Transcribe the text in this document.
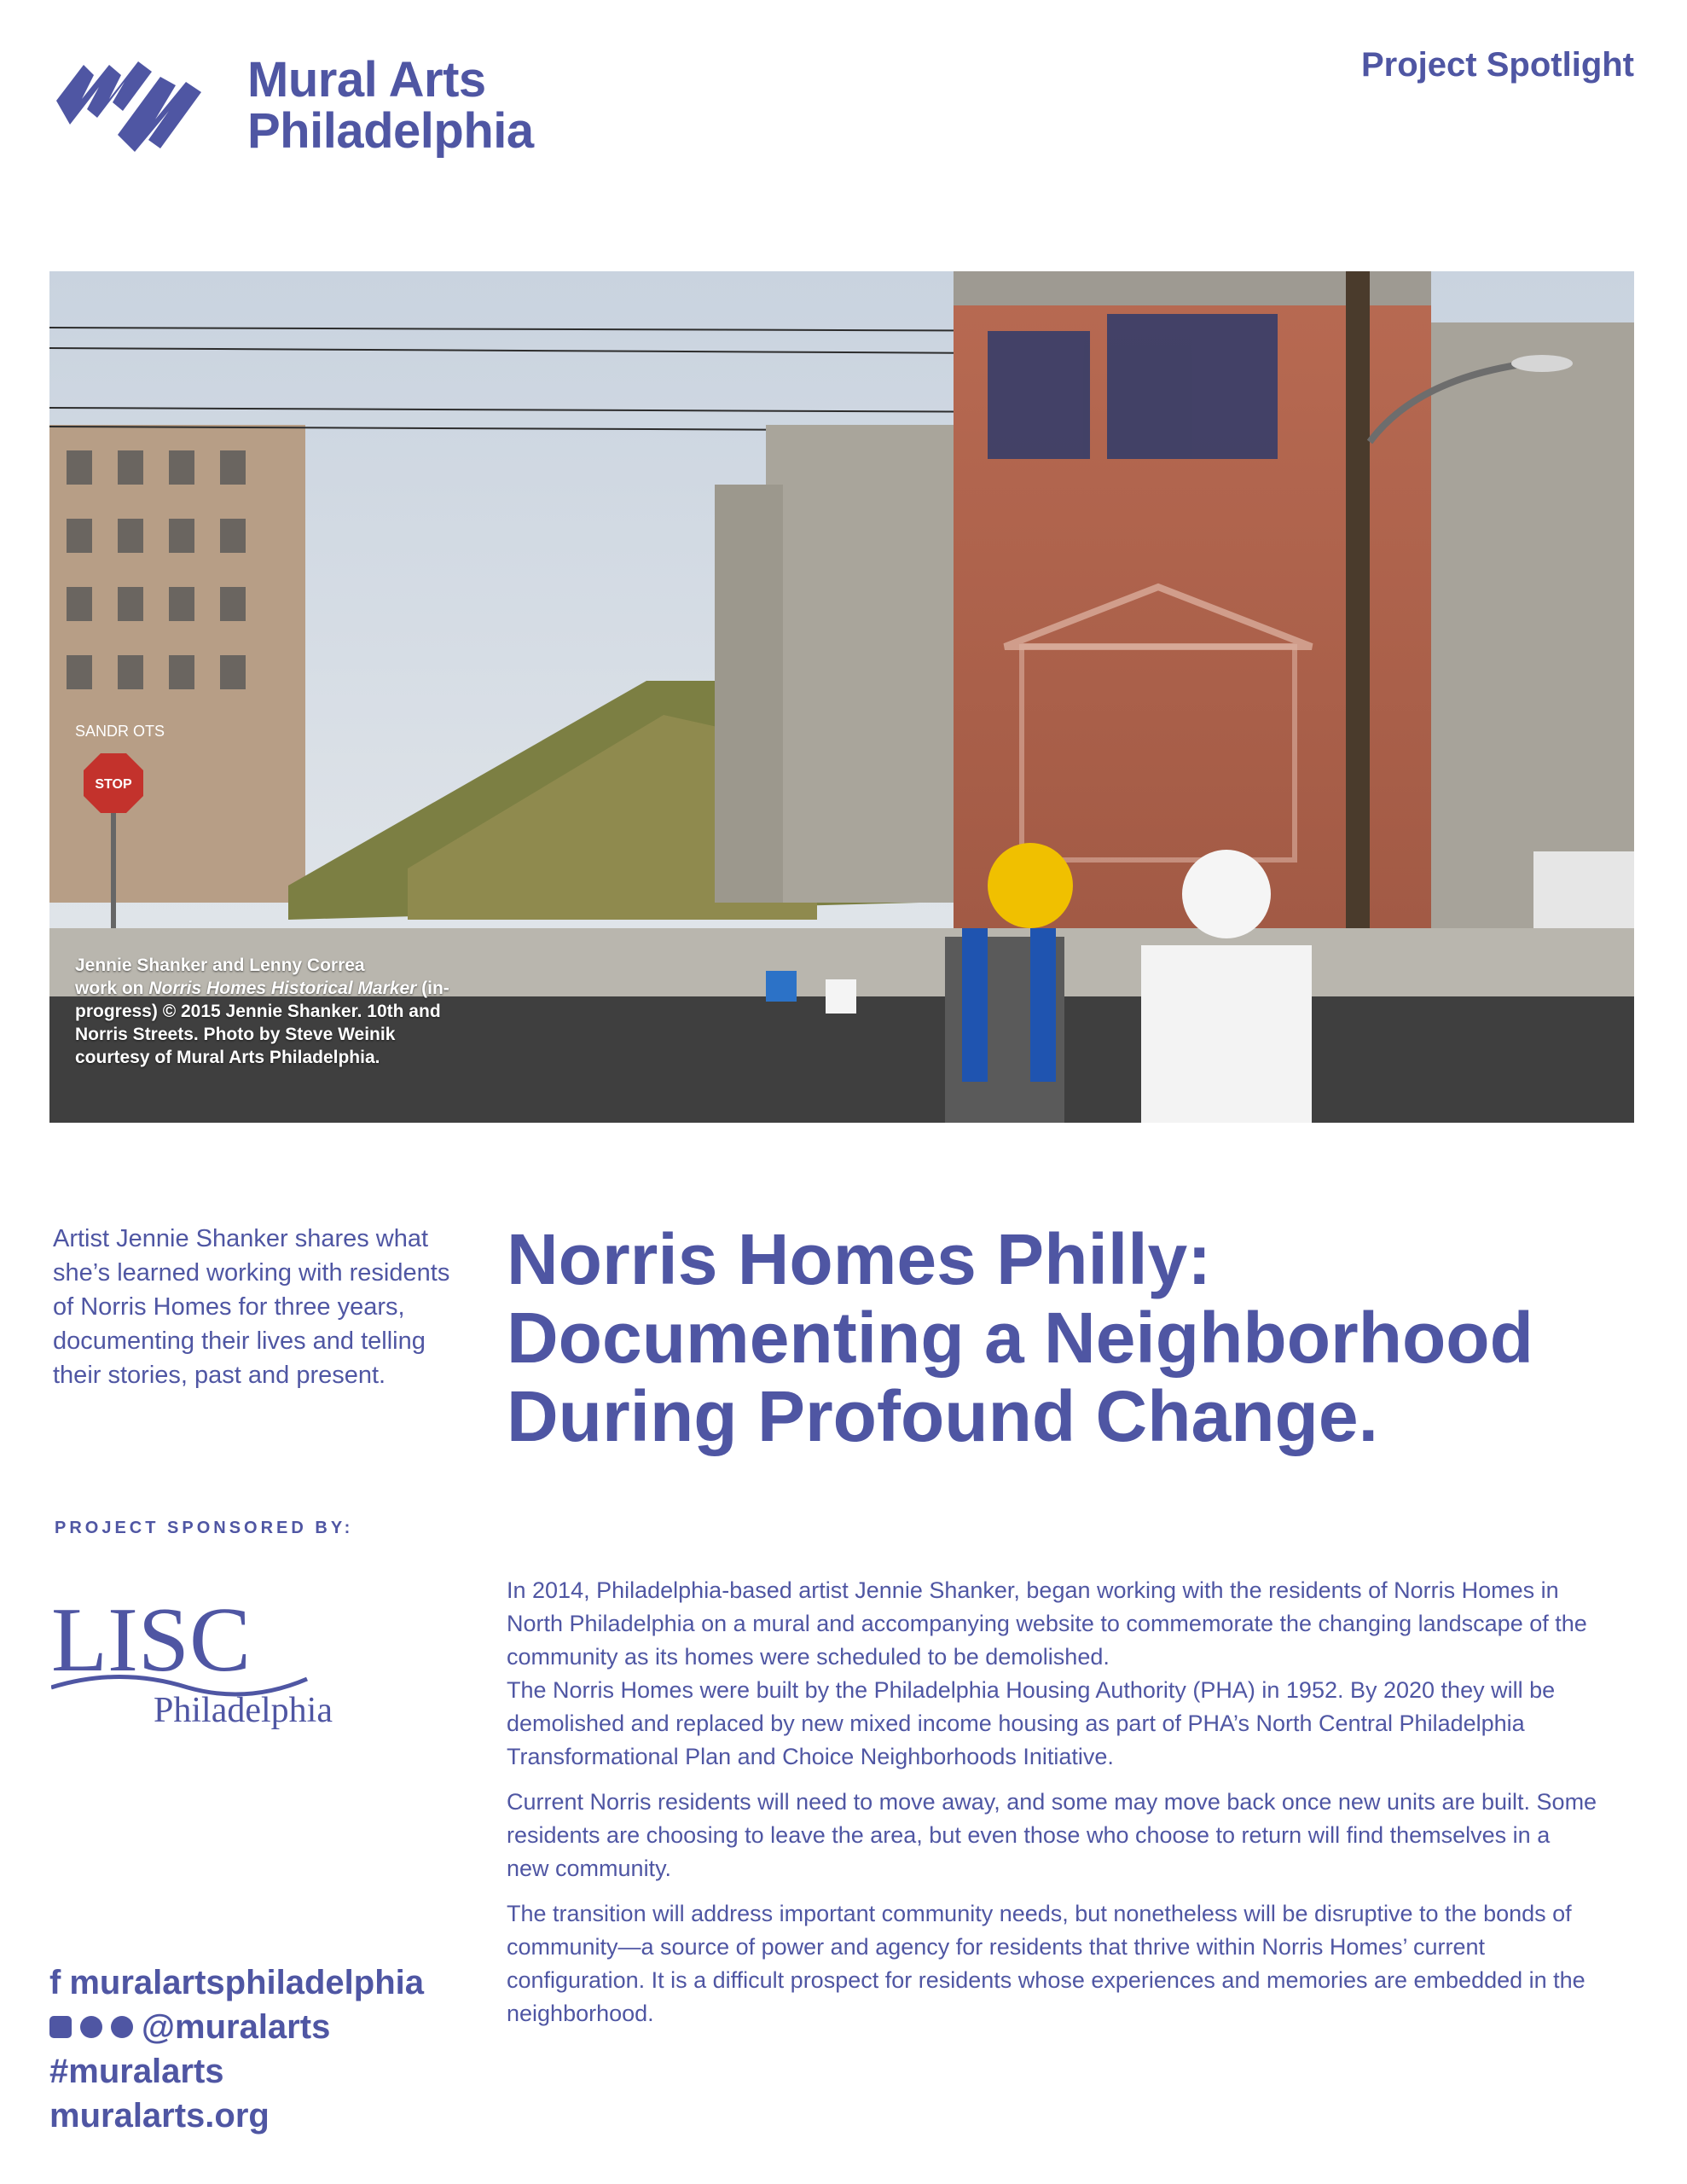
Mural Arts
Philadelphia
Project Spotlight
SANDR OTS
STOP
Jennie Shanker and Lenny Correa
work on Norris Homes Historical Marker (in-progress) © 2015 Jennie Shanker. 10th and Norris Streets. Photo by Steve Weinik courtesy of Mural Arts Philadelphia.
Artist Jennie Shanker shares what she’s learned working with residents of Norris Homes for three years, documenting their lives and telling their stories, past and present.
PROJECT SPONSORED BY:
LISC
Philadelphia
f muralartsphiladelphia
@muralarts
#muralarts
muralarts.org
Norris Homes Philly: Documenting a Neighborhood During Profound Change.

In 2014, Philadelphia-based artist Jennie Shanker, began working with the residents of Norris Homes in North Philadelphia on a mural and accompanying website to commemorate the changing landscape of the community as its homes were scheduled to be demolished.

The Norris Homes were built by the Philadelphia Housing Authority (PHA) in 1952. By 2020 they will be demolished and replaced by new mixed income housing as part of PHA’s North Central Philadelphia Transformational Plan and Choice Neighborhoods Initiative.

Current Norris residents will need to move away, and some may move back once new units are built. Some residents are choosing to leave the area, but even those who choose to return will find themselves in a new community.

The transition will address important community needs, but nonetheless will be disruptive to the bonds of community—a source of power and agency for residents that thrive within Norris Homes’ current configuration. It is a difficult prospect for residents whose experiences and memories are embedded in the neighborhood.
